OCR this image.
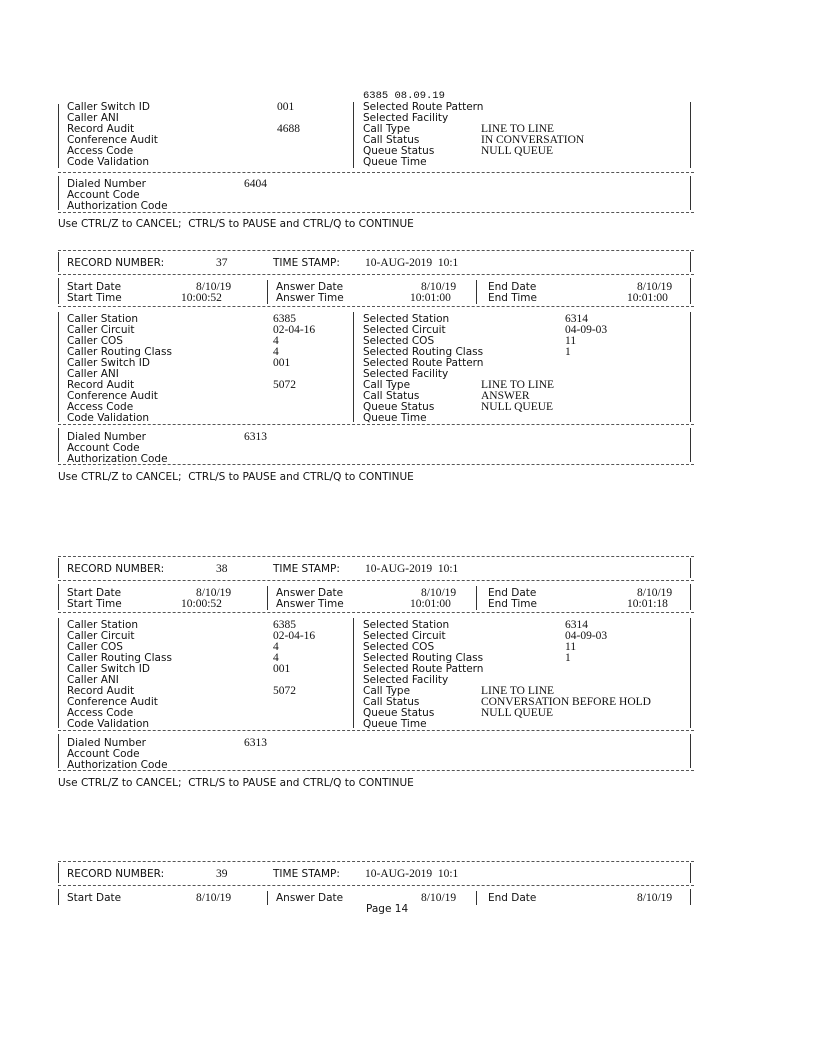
6385 08.09.19
Caller Switch ID	001
Caller ANI
Record Audit	4688
Conference Audit
Access Code
Code Validation
Selected Route Pattern
Selected Facility
Call Type	LINE TO LINE
Call Status	IN CONVERSATION
Queue Status	NULL QUEUE
Queue Time
Dialed Number	6404
Account Code
Authorization Code
Use CTRL/Z to CANCEL;  CTRL/S to PAUSE and CTRL/Q to CONTINUE
RECORD NUMBER:	37	TIME STAMP: 10-AUG-2019  10:1
Start Date	8/10/19
Start Time	10:00:52
Answer Date	8/10/19
Answer Time	10:01:00
End Date	8/10/19
End Time	10:01:00
Caller Station	6385
Caller Circuit	02-04-16
Caller COS	4
Caller Routing Class	4
Caller Switch ID	001
Caller ANI
Record Audit	5072
Conference Audit
Access Code
Code Validation
Selected Station	6314
Selected Circuit	04-09-03
Selected COS	11
Selected Routing Class	1
Selected Route Pattern
Selected Facility
Call Type	LINE TO LINE
Call Status	ANSWER
Queue Status	NULL QUEUE
Queue Time
Dialed Number	6313
Account Code
Authorization Code
Use CTRL/Z to CANCEL;  CTRL/S to PAUSE and CTRL/Q to CONTINUE
RECORD NUMBER:	38	TIME STAMP: 10-AUG-2019  10:1
Start Date	8/10/19
Start Time	10:00:52
Answer Date	8/10/19
Answer Time	10:01:00
End Date	8/10/19
End Time	10:01:18
Caller Station	6385
Caller Circuit	02-04-16
Caller COS	4
Caller Routing Class	4
Caller Switch ID	001
Caller ANI
Record Audit	5072
Conference Audit
Access Code
Code Validation
Selected Station	6314
Selected Circuit	04-09-03
Selected COS	11
Selected Routing Class	1
Selected Route Pattern
Selected Facility
Call Type	LINE TO LINE
Call Status	CONVERSATION BEFORE HOLD
Queue Status	NULL QUEUE
Queue Time
Dialed Number	6313
Account Code
Authorization Code
Use CTRL/Z to CANCEL;  CTRL/S to PAUSE and CTRL/Q to CONTINUE
RECORD NUMBER:	39	TIME STAMP: 10-AUG-2019  10:1
Start Date	8/10/19	Answer Date	8/10/19	End Date	8/10/19
Page 14
